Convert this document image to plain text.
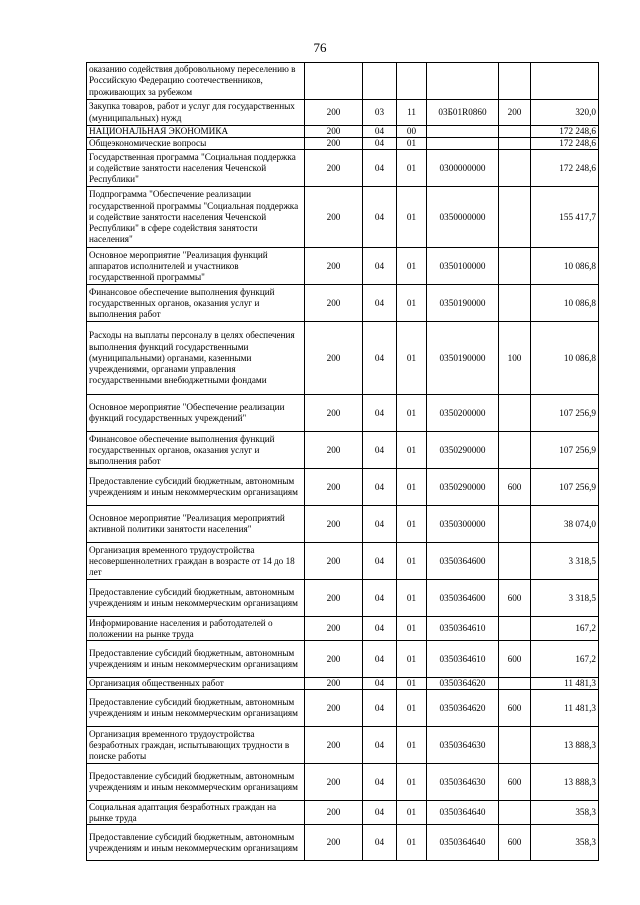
76
оказанию содействия добровольному переселению в Российскую Федерацию соотечественников, проживающих за рубежом						
Закупка товаров, работ и услуг для государственных (муниципальных) нужд	200	03	11	03Б01R0860	200	320,0
НАЦИОНАЛЬНАЯ ЭКОНОМИКА	200	04	00			172 248,6
Общеэкономические вопросы	200	04	01			172 248,6
Государственная программа "Социальная поддержка и содействие занятости населения Чеченской Республики"	200	04	01	0300000000		172 248,6
Подпрограмма "Обеспечение реализации государственной программы "Социальная поддержка и содействие занятости населения Чеченской Республики" в сфере содействия занятости населения"	200	04	01	0350000000		155 417,7
Основное мероприятие "Реализация функций аппаратов исполнителей и участников государственной программы"	200	04	01	0350100000		10 086,8
Финансовое обеспечение выполнения функций государственных органов, оказания услуг и выполнения работ	200	04	01	0350190000		10 086,8
Расходы на выплаты персоналу в целях обеспечения выполнения функций государственными (муниципальными) органами, казенными учреждениями, органами управления государственными внебюджетными фондами	200	04	01	0350190000	100	10 086,8
Основное мероприятие "Обеспечение реализации функций государственных учреждений"	200	04	01	0350200000		107 256,9
Финансовое обеспечение выполнения функций государственных органов, оказания услуг и выполнения работ	200	04	01	0350290000		107 256,9
Предоставление субсидий бюджетным, автономным учреждениям и иным некоммерческим организациям	200	04	01	0350290000	600	107 256,9
Основное мероприятие "Реализация мероприятий активной политики занятости населения"	200	04	01	0350300000		38 074,0
Организация временного трудоустройства несовершеннолетних граждан в возрасте от 14 до 18 лет	200	04	01	0350364600		3 318,5
Предоставление субсидий бюджетным, автономным учреждениям и иным некоммерческим организациям	200	04	01	0350364600	600	3 318,5
Информирование населения и работодателей о положении на рынке труда	200	04	01	0350364610		167,2
Предоставление субсидий бюджетным, автономным учреждениям и иным некоммерческим организациям	200	04	01	0350364610	600	167,2
Организация общественных работ	200	04	01	0350364620		11 481,3
Предоставление субсидий бюджетным, автономным учреждениям и иным некоммерческим организациям	200	04	01	0350364620	600	11 481,3
Организация временного трудоустройства безработных граждан, испытывающих трудности в поиске работы	200	04	01	0350364630		13 888,3
Предоставление субсидий бюджетным, автономным учреждениям и иным некоммерческим организациям	200	04	01	0350364630	600	13 888,3
Социальная адаптация безработных граждан на рынке труда	200	04	01	0350364640		358,3
Предоставление субсидий бюджетным, автономным учреждениям и иным некоммерческим организациям	200	04	01	0350364640	600	358,3
